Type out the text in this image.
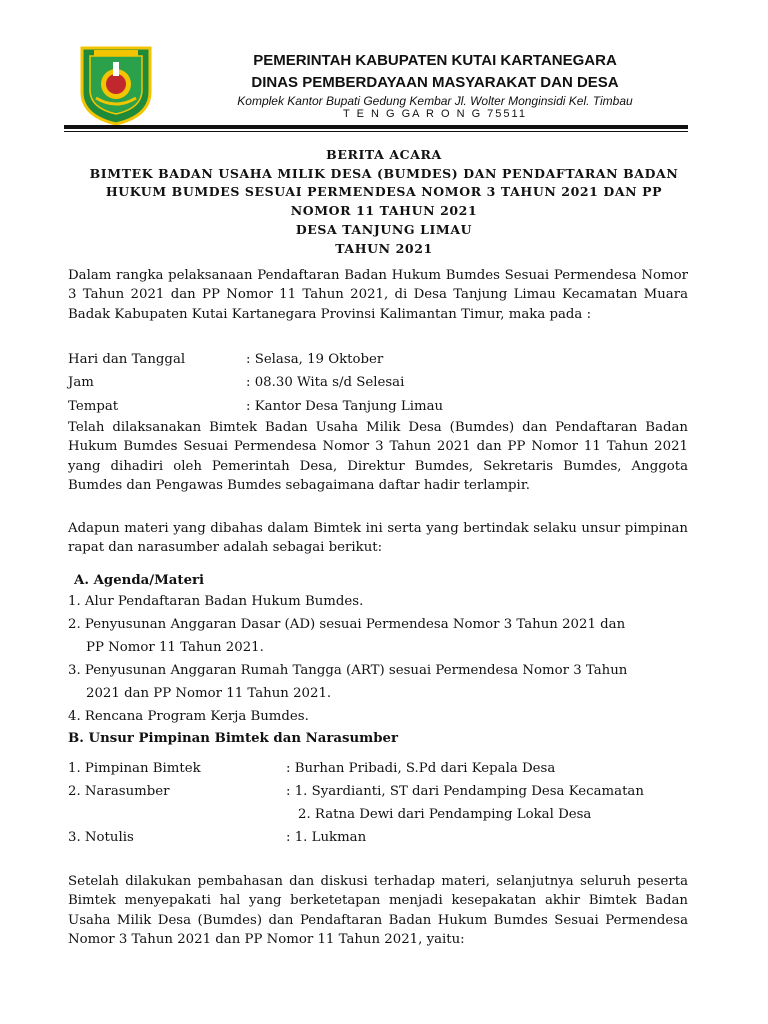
PEMERINTAH KABUPATEN KUTAI KARTANEGARA
DINAS PEMBERDAYAAN MASYARAKAT DAN DESA
Komplek Kantor Bupati Gedung Kembar Jl. Wolter Monginsidi Kel. Timbau
T E N G GA R O N G 75511
BERITA ACARA
BIMTEK BADAN USAHA MILIK DESA (BUMDES) DAN PENDAFTARAN BADAN
HUKUM BUMDES SESUAI PERMENDESA NOMOR 3 TAHUN 2021 DAN PP
NOMOR 11 TAHUN 2021
DESA TANJUNG LIMAU
TAHUN 2021
Dalam rangka pelaksanaan Pendaftaran Badan Hukum Bumdes Sesuai Permendesa Nomor 3 Tahun 2021 dan PP Nomor 11 Tahun 2021, di Desa Tanjung Limau Kecamatan Muara Badak Kabupaten Kutai Kartanegara Provinsi Kalimantan Timur, maka pada :
Hari dan Tanggal	: Selasa, 19 Oktober
Jam	: 08.30 Wita s/d Selesai
Tempat	: Kantor Desa Tanjung Limau
Telah dilaksanakan Bimtek Badan Usaha Milik Desa (Bumdes) dan Pendaftaran Badan Hukum Bumdes Sesuai Permendesa Nomor 3 Tahun 2021 dan PP Nomor 11 Tahun 2021 yang dihadiri oleh Pemerintah Desa, Direktur Bumdes, Sekretaris Bumdes, Anggota Bumdes dan Pengawas Bumdes sebagaimana daftar hadir terlampir.
Adapun materi yang dibahas dalam Bimtek ini serta yang bertindak selaku unsur pimpinan rapat dan narasumber adalah sebagai berikut:
A. Agenda/Materi
1. Alur Pendaftaran Badan Hukum Bumdes.
2. Penyusunan Anggaran Dasar (AD) sesuai Permendesa Nomor 3 Tahun 2021 dan
PP Nomor 11 Tahun 2021.
3. Penyusunan Anggaran Rumah Tangga (ART) sesuai Permendesa Nomor 3 Tahun
2021 dan PP Nomor 11 Tahun 2021.
4. Rencana Program Kerja Bumdes.
B. Unsur Pimpinan Bimtek dan Narasumber
1. Pimpinan Bimtek	: Burhan Pribadi, S.Pd dari Kepala Desa
2. Narasumber	: 1. Syardianti, ST dari Pendamping Desa Kecamatan
2. Ratna Dewi dari Pendamping Lokal Desa
3. Notulis	: 1. Lukman
Setelah dilakukan pembahasan dan diskusi terhadap materi, selanjutnya seluruh peserta Bimtek menyepakati hal yang berketetapan menjadi kesepakatan akhir Bimtek Badan Usaha Milik Desa (Bumdes) dan Pendaftaran Badan Hukum Bumdes Sesuai Permendesa Nomor 3 Tahun 2021 dan PP Nomor 11 Tahun 2021, yaitu:
